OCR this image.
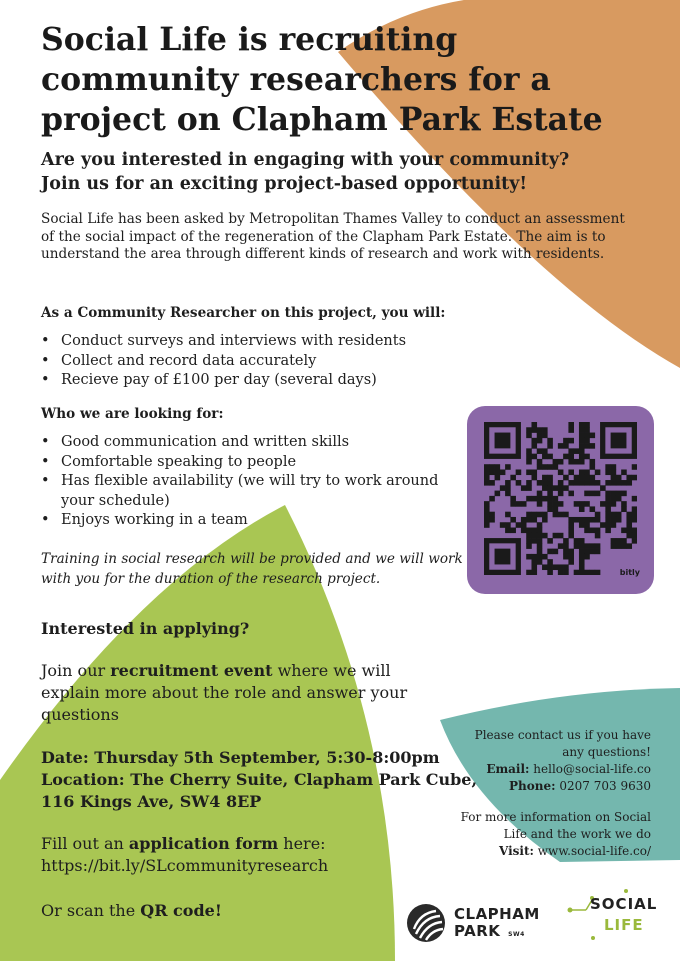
Social Life is recruiting community researchers for a project on Clapham Park Estate
Are you interested in engaging with your community?
Join us for an exciting project-based opportunity!
Social Life has been asked by Metropolitan Thames Valley to conduct an assessment of the social impact of the regeneration of the Clapham Park Estate. The aim is to understand the area through different kinds of research and work with residents.
As a Community Researcher on this project, you will:
• Conduct surveys and interviews with residents
• Collect and record data accurately
• Recieve pay of £100 per day (several days)
Who we are looking for:
• Good communication and written skills
• Comfortable speaking to people
• Has flexible availability (we will try to work around your schedule)
• Enjoys working in a team
Training in social research will be provided and we will work with you for the duration of the research project.	bitly
Interested in applying?
Join our recruitment event where we will explain more about the role and answer your questions
Date: Thursday 5th September, 5:30-8:00pm
Location: The Cherry Suite, Clapham Park Cube,
116 Kings Ave, SW4 8EP
Fill out an application form here:
https://bit.ly/SLcommunityresearch
Or scan the QR code!
Please contact us if you have
any questions!
Email: hello@social-life.co
Phone: 0207 703 9630
For more information on Social
Life and the work we do
Visit: www.social-life.co/
CLAPHAM
PARK SW4
SOCIAL
LIFE
